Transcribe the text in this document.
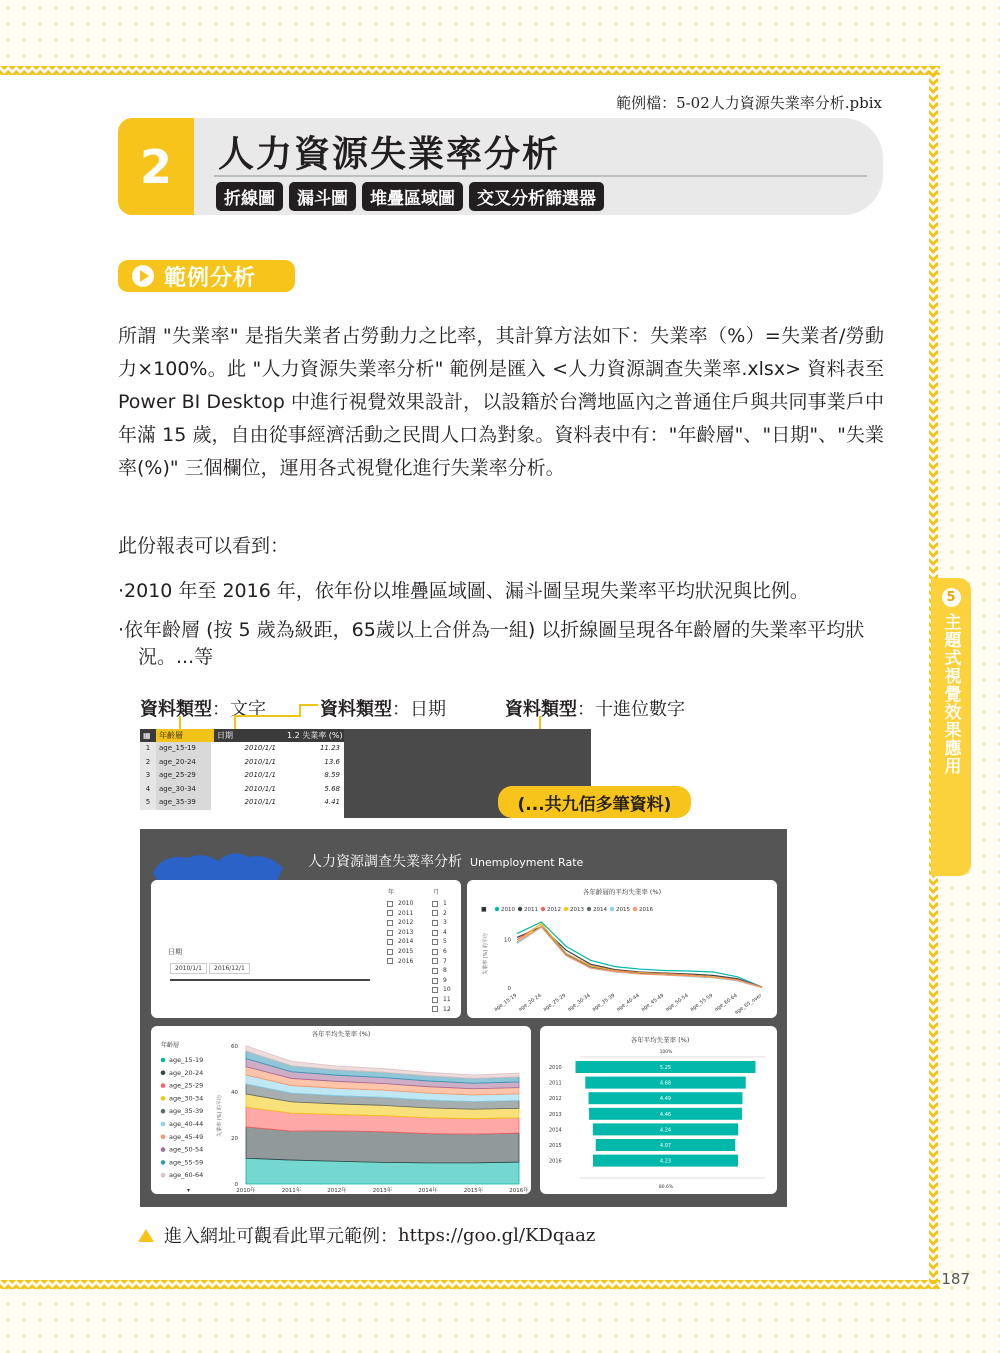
5
主題式視覺效果應用
187
範例檔：5-02人力資源失業率分析.pbix
2	人力資源失業率分析
折線圖	漏斗圖	堆疊區域圖	交叉分析篩選器
範例分析
所謂 "失業率" 是指失業者占勞動力之比率，其計算方法如下：失業率（%）=失業者/勞動力×100%。此 "人力資源失業率分析" 範例是匯入 <人力資源調查失業率.xlsx> 資料表至 Power BI Desktop 中進行視覺效果設計，以設籍於台灣地區內之普通住戶與共同事業戶中年滿 15 歲，自由從事經濟活動之民間人口為對象。資料表中有："年齡層"、"日期"、"失業率(%)" 三個欄位，運用各式視覺化進行失業率分析。
此份報表可以看到：
‧2010 年至 2016 年，依年份以堆疊區域圖、漏斗圖呈現失業率平均狀況與比例。
‧依年齡層 (按 5 歲為級距，65歲以上合併為一組) 以折線圖呈現各年齡層的失業率平均狀況。...等
資料類型：文字	資料類型：日期	資料類型：十進位數字
▦	年齡層	日期	1.2 失業率 (%)
1	age_15-19	2010/1/1	11.23
2	age_20-24	2010/1/1	13.6
3	age_25-29	2010/1/1	8.59
4	age_30-34	2010/1/1	5.68
5	age_35-39	2010/1/1	4.41	(...共九佰多筆資料)
人力資源調查失業率分析 Unemployment Rate
日期
2010/1/1	2016/12/1
年
2010
2011
2012
2013
2014
2015
2016
月
1
2
3
4
5
6
7
8
9
10
11
12
各年齡層的平均失業率 (%)
■	2010 2011 2012 2013 2014 2015 2016
失業率 (%) 的平均
0
10
age_15-19 age_20-24 age_25-29 age_30-34 age_35-39 age_40-44 age_45-49 age_50-54 age_55-59 age_60-64
age_65_over
各年平均失業率 (%)
年齡層
age_15-19
age_20-24
age_25-29
age_30-34
age_35-39
age_40-44
age_45-49
age_50-54
age_55-59
age_60-64
▾
失業率 (%) 的平均
0
20
40
60
2010年	2011年	2012年	2013年	2014年	2015年	2016年
各年平均失業率 (%)
100%
5.25
2010
4.68
2011
4.49
2012
4.46
2013
4.24
2014
4.07
2015
4.23
2016
80.6%
進入網址可觀看此單元範例： https://goo.gl/KDqaaz
